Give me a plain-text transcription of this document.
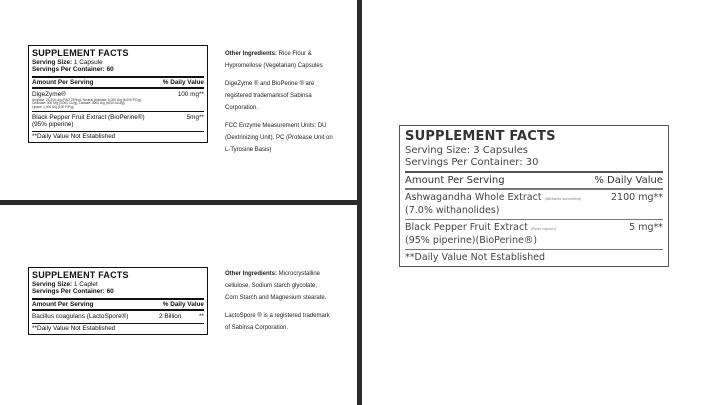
SUPPLEMENT FACTS
Serving Size: 1 Capsule
Servings Per Container: 60
Amount Per Serving	% Daily Value
DigeZyme®	100 mg**
Amylase: 24,000 U/g (FAO 25%/g), Neutral protease: 6,000 U/g (6,000 PC/g),
Cellulase: 300 U/g (3,000 CU/g), Lactase: 4000 U/g (4000 ALU/g),
Lipase: 1,000 U/g (100 FIP/g)
Black Pepper Fruit Extract (BioPerine®)	5mg**
(95% piperine)
**Daily Value Not Established

Other Ingredients: Rice Flour &
Hypromellose (Vegetarian) Capsules

DigeZyme ® and BioPerine ® are
registered trademarksof Sabinsa
Corporation.

FCC Enzyme Measurement Units: DU
(Dextrinizing Unit), PC (Protease Unit on
L-Tyrosine Basis)

SUPPLEMENT FACTS
Serving Size: 1 Caplet
Servings Per Container: 60
Amount Per Serving	% Daily Value
Bacillus coagulans (LactoSpore®)	2 Billion	**
**Daily Value Not Established

Other Ingredients: Microcrystalline
cellulose, Sodium starch glycolate,
Corn Starch and Magnesium stearate.

LactoSpore ® is a registered trademark
of Sabinsa Corporation.

SUPPLEMENT FACTS
Serving Size: 3 Capsules
Servings Per Container: 30
Amount Per Serving	% Daily Value
Ashwagandha Whole Extract (Withania somnifera)	2100 mg**
(7.0% withanolides)
Black Pepper Fruit Extract (Piper nigrum)	5 mg**
(95% piperine)(BioPerine®)
**Daily Value Not Established
